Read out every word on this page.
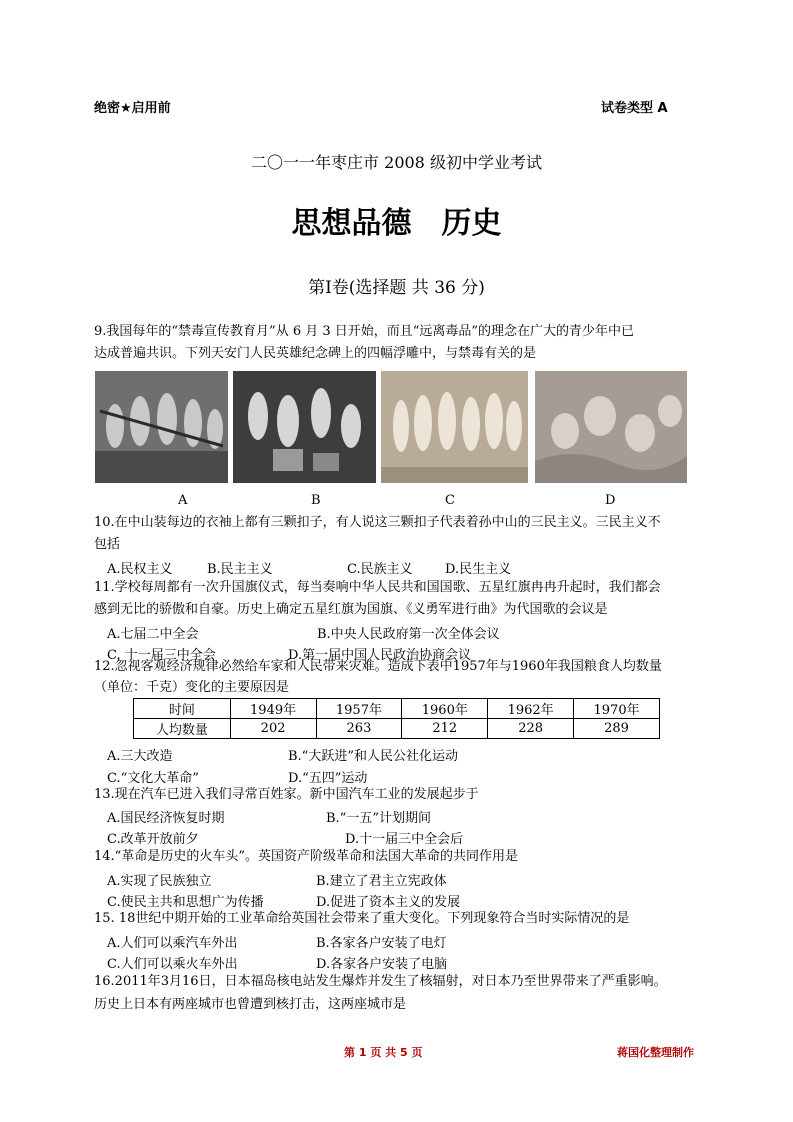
绝密★启用前	试卷类型 A
二〇一一年枣庄市 2008 级初中学业考试
思想品德　历史
第Ⅰ卷(选择题 共 36 分)
9.我国每年的“禁毒宣传教育月”从 6 月 3 日开始，而且“远离毒品”的理念在广大的青少年中已
达成普遍共识。下列天安门人民英雄纪念碑上的四幅浮雕中，与禁毒有关的是
A	B	C	D
10.在中山装每边的衣袖上都有三颗扣子，有人说这三颗扣子代表着孙中山的三民主义。三民主义不
包括
A.民权主义	B.民主主义	C.民族主义 D.民生主义
11.学校每周都有一次升国旗仪式，每当奏响中华人民共和国国歌、五星红旗冉冉升起时，我们都会
感到无比的骄傲和自豪。历史上确定五星红旗为国旗、《义勇军进行曲》为代国歌的会议是
A.七届二中全会	B.中央人民政府第一次全体会议
C. 十一届三中全会	D.第一届中国人民政治协商会议
12.忽视客观经济规律必然给车家和人民带来灾难。造成下表中1957年与1960年我国粮食人均数量
（单位：千克）变化的主要原因是
时间	1949年	1957年	1960年	1962年	1970年
人均数量	202	263	212	228	289
A.三大改造	B.“大跃进”和人民公社化运动
C.“文化大革命”	D.“五四”运动
13.现在汽车已进入我们寻常百姓家。新中国汽车工业的发展起步于
A.国民经济恢复时期	B.“一五”计划期间
C.改革开放前夕	D.十一届三中全会后
14.“革命是历史的火车头”。英国资产阶级革命和法国大革命的共同作用是
A.实现了民族独立	B.建立了君主立宪政体
C.使民主共和思想广为传播	D.促进了资本主义的发展
15. 18世纪中期开始的工业革命给英国社会带来了重大变化。下列现象符合当时实际情况的是
A.人们可以乘汽车外出	B.各家各户安装了电灯
C.人们可以乘火车外出	D.各家各户安装了电脑
16.2011年3月16日，日本福岛核电站发生爆炸并发生了核辐射，对日本乃至世界带来了严重影响。
历史上日本有两座城市也曾遭到核打击，这两座城市是
第 1 页 共 5 页	蒋国化整理制作
